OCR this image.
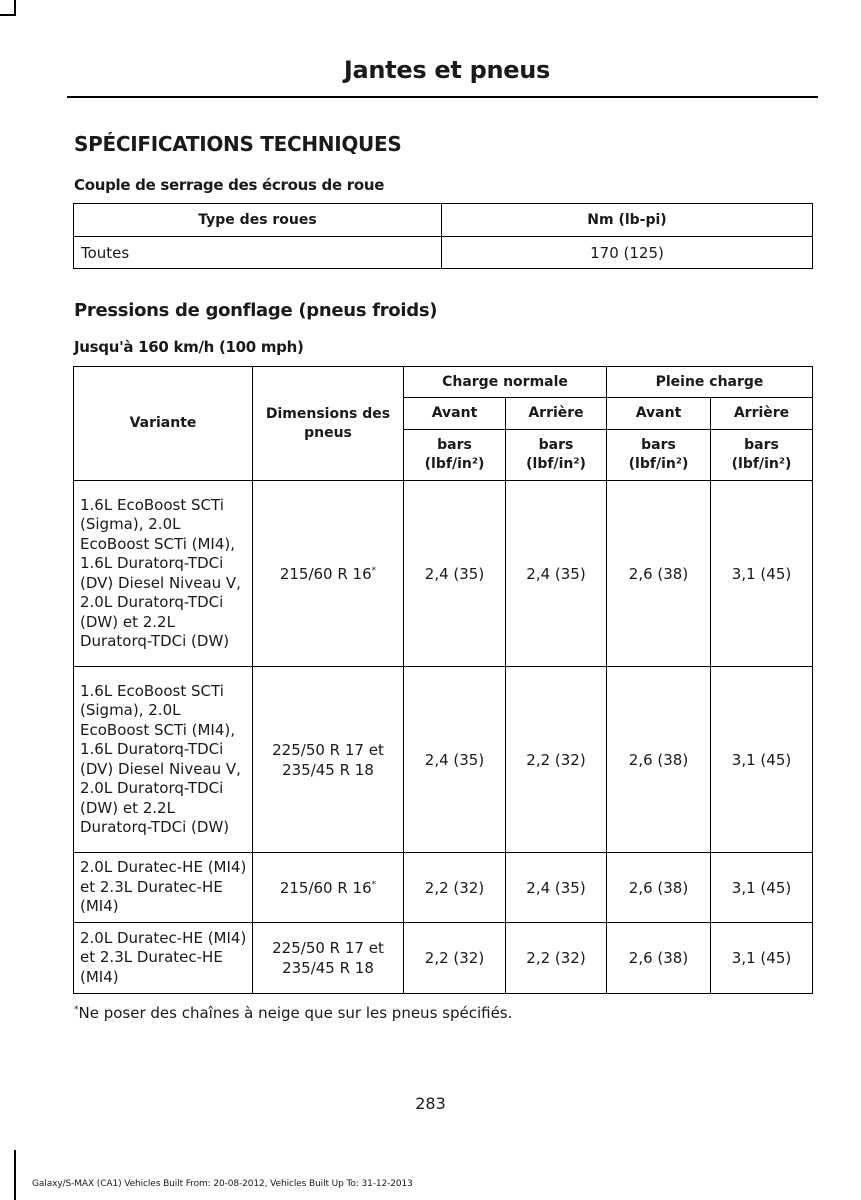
Jantes et pneus
SPÉCIFICATIONS TECHNIQUES
Couple de serrage des écrous de roue
Type des roues	Nm (lb-pi)
Toutes	170 (125)
Pressions de gonflage (pneus froids)
Jusqu'à 160 km/h (100 mph)
Variante	Dimensions des pneus	Charge normale		Pleine charge	
		Avant	Arrière	Avant	Arrière
		bars (lbf/in²)	bars (lbf/in²)	bars (lbf/in²)	bars (lbf/in²)
1.6L EcoBoost SCTi (Sigma), 2.0L EcoBoost SCTi (MI4), 1.6L Duratorq-TDCi (DV) Diesel Niveau V, 2.0L Duratorq-TDCi (DW) et 2.2L Duratorq-TDCi (DW)	215/60 R 16*	2,4 (35)	2,4 (35)	2,6 (38)	3,1 (45)
1.6L EcoBoost SCTi (Sigma), 2.0L EcoBoost SCTi (MI4), 1.6L Duratorq-TDCi (DV) Diesel Niveau V, 2.0L Duratorq-TDCi (DW) et 2.2L Duratorq-TDCi (DW)	225/50 R 17 et 235/45 R 18	2,4 (35)	2,2 (32)	2,6 (38)	3,1 (45)
2.0L Duratec-HE (MI4) et 2.3L Duratec-HE (MI4)	215/60 R 16*	2,2 (32)	2,4 (35)	2,6 (38)	3,1 (45)
2.0L Duratec-HE (MI4) et 2.3L Duratec-HE (MI4)	225/50 R 17 et 235/45 R 18	2,2 (32)	2,2 (32)	2,6 (38)	3,1 (45)
*Ne poser des chaînes à neige que sur les pneus spécifiés.
283
Galaxy/S-MAX (CA1) Vehicles Built From: 20-08-2012, Vehicles Built Up To: 31-12-2013
